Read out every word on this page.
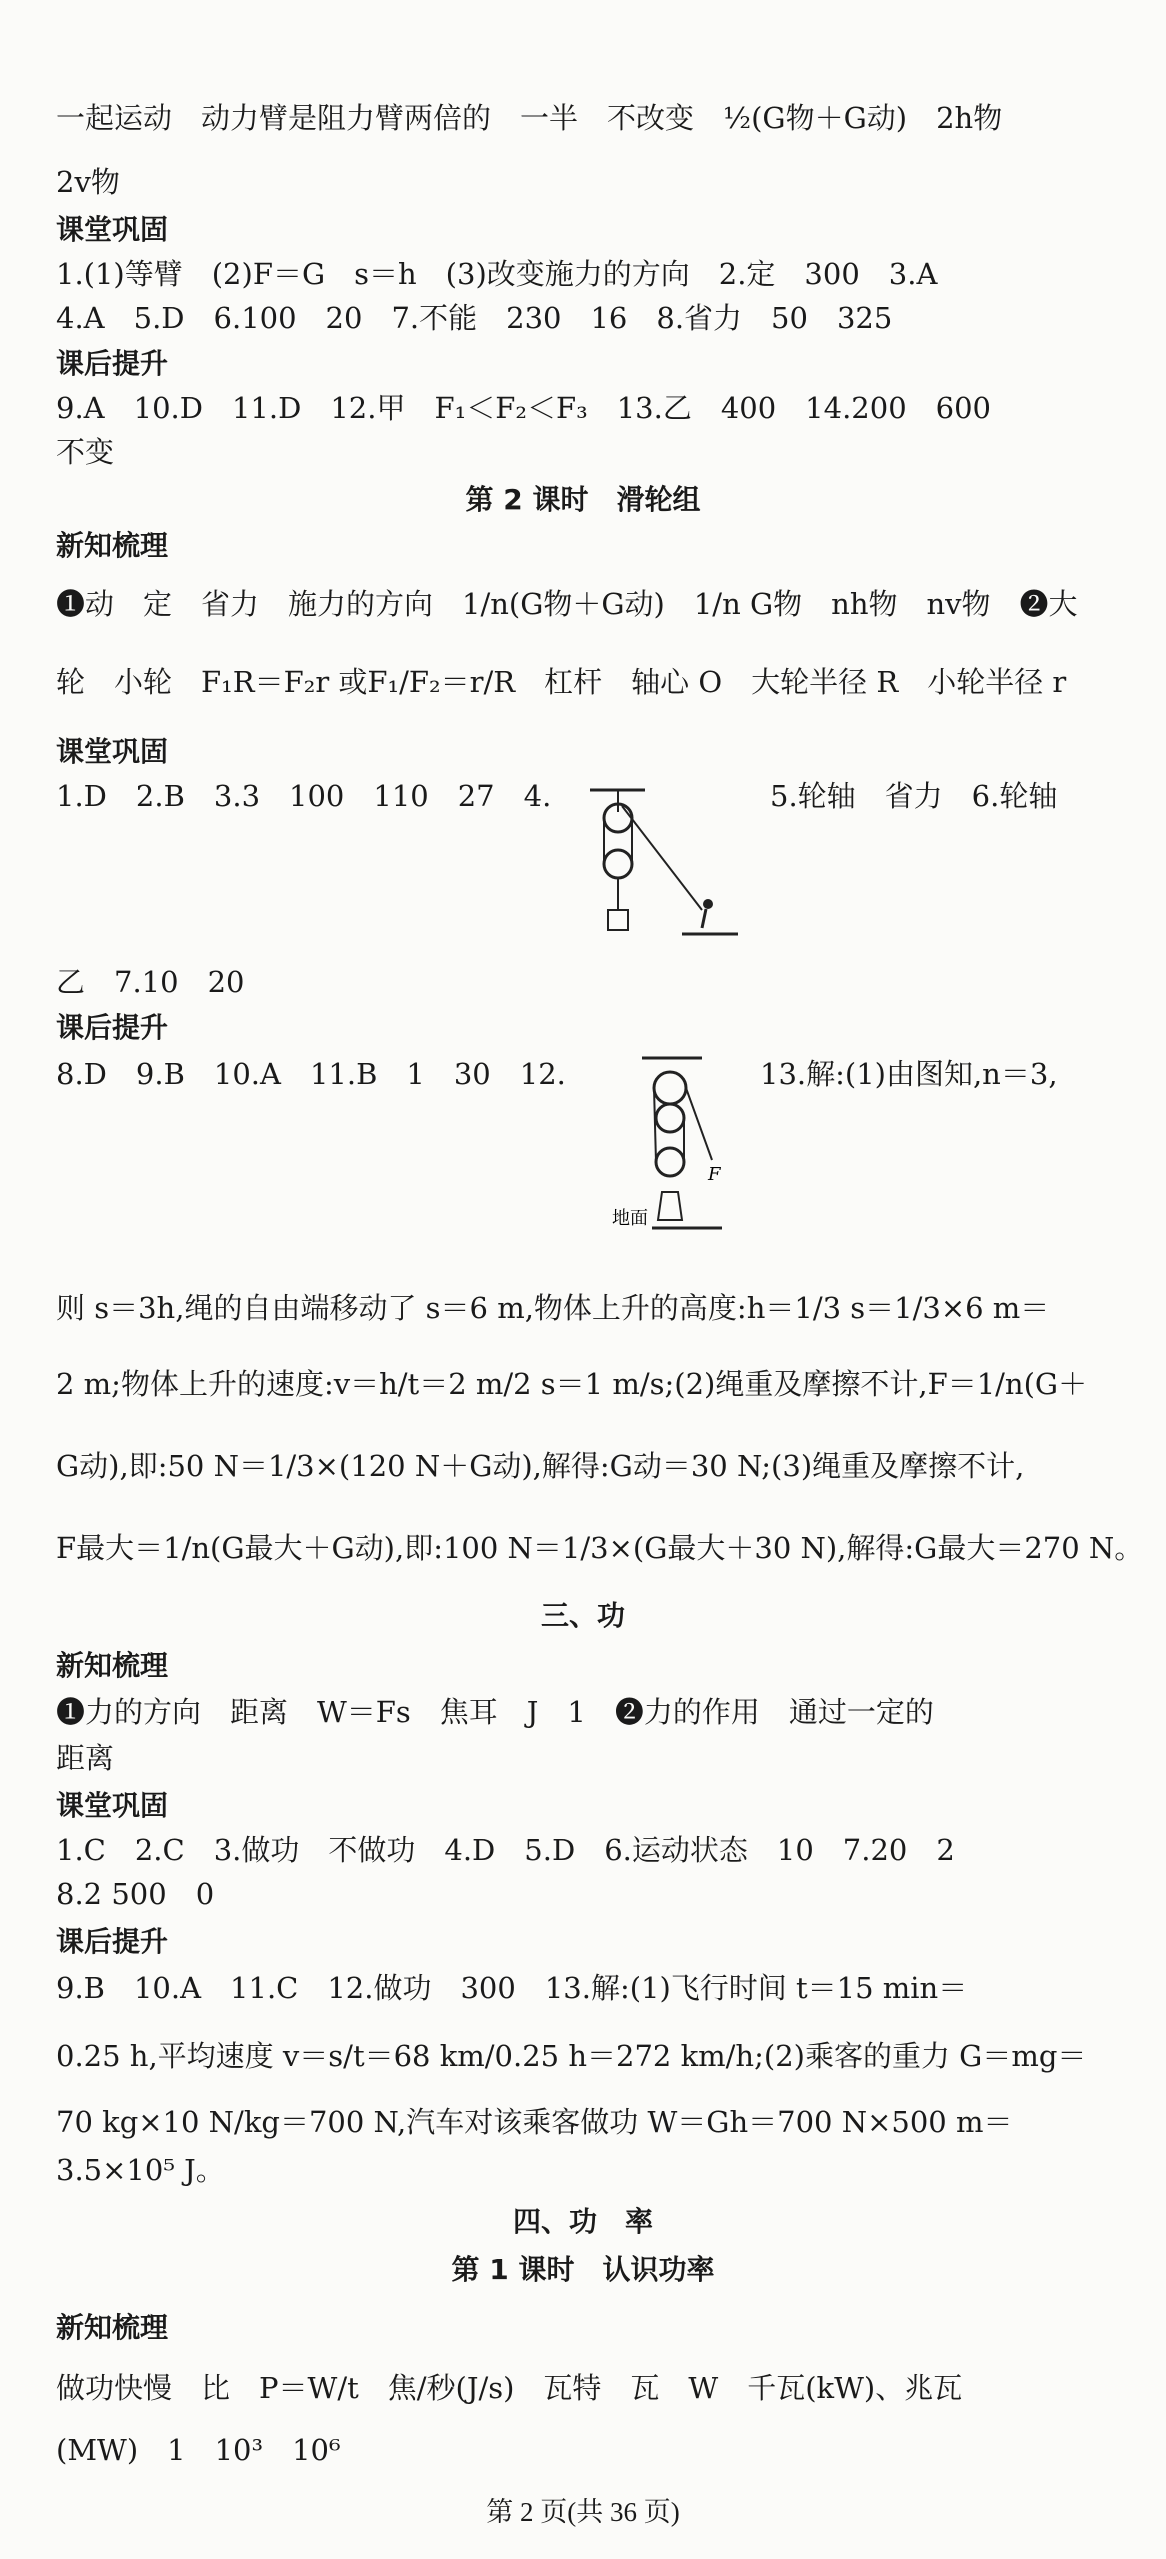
一起运动　动力臂是阻力臂两倍的　一半　不改变　½(G物＋G动)　2h物
2v物
课堂巩固
1.(1)等臂　(2)F＝G　s＝h　(3)改变施力的方向　2.定　300　3.A
4.A　5.D　6.100　20　7.不能　230　16　8.省力　50　325
课后提升
9.A　10.D　11.D　12.甲　F₁＜F₂＜F₃　13.乙　400　14.200　600
不变
第 2 课时　滑轮组
新知梳理
❶动　定　省力　施力的方向　1/n(G物＋G动)　1/n G物　nh物　nv物　❷大
轮　小轮　F₁R＝F₂r 或F₁/F₂＝r/R　杠杆　轴心 O　大轮半径 R　小轮半径 r
课堂巩固
1.D　2.B　3.3　100　110　27　4.	5.轮轴　省力　6.轮轴
乙　7.10　20
课后提升
8.D　9.B　10.A　11.B　1　30　12.	13.解:(1)由图知,n＝3,
F
地面
则 s＝3h,绳的自由端移动了 s＝6 m,物体上升的高度:h＝1/3 s＝1/3×6 m＝
2 m;物体上升的速度:v＝h/t＝2 m/2 s＝1 m/s;(2)绳重及摩擦不计,F＝1/n(G＋
G动),即:50 N＝1/3×(120 N＋G动),解得:G动＝30 N;(3)绳重及摩擦不计,
F最大＝1/n(G最大＋G动),即:100 N＝1/3×(G最大＋30 N),解得:G最大＝270 N。
三、功
新知梳理
❶力的方向　距离　W＝Fs　焦耳　J　1　❷力的作用　通过一定的
距离
课堂巩固
1.C　2.C　3.做功　不做功　4.D　5.D　6.运动状态　10　7.20　2
8.2 500　0
课后提升
9.B　10.A　11.C　12.做功　300　13.解:(1)飞行时间 t＝15 min＝
0.25 h,平均速度 v＝s/t＝68 km/0.25 h＝272 km/h;(2)乘客的重力 G＝mg＝
70 kg×10 N/kg＝700 N,汽车对该乘客做功 W＝Gh＝700 N×500 m＝
3.5×10⁵ J。
四、功　率
第 1 课时　认识功率
新知梳理
做功快慢　比　P＝W/t　焦/秒(J/s)　瓦特　瓦　W　千瓦(kW)、兆瓦
(MW)　1　10³　10⁶
第 2 页(共 36 页)
